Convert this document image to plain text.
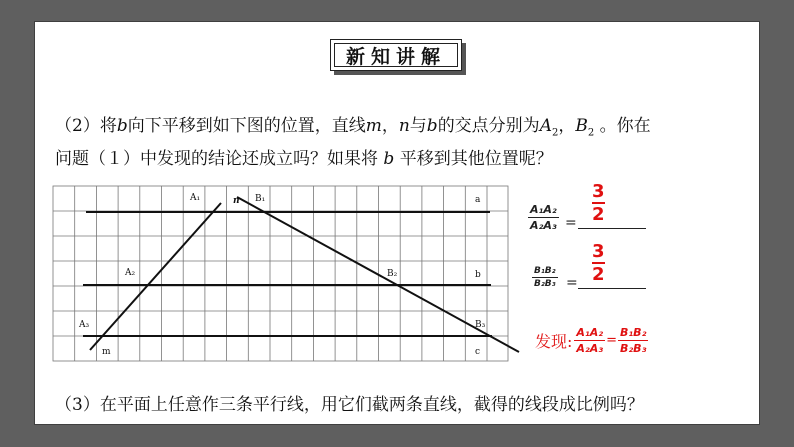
新知讲解
（2）将b向下平移到如下图的位置，直线m，n与b的交点分别为$A_2$，$B_2$ 。你在
问题（１）中发现的结论还成立吗？如果将 b 平移到其他位置呢？
A₁	n B₁	a
A₂	B₂	b
A₃	B₃
m	c
A₁A₂
A₂A₃ =
3
2
B₁B₂
B₂B₃ =
3
2
发现: $\frac{\text{A₁A₂}}{\text{A₂A₃}} = \frac{\text{B₁B₂}}{\text{B₂B₃}}$
（3）在平面上任意作三条平行线，用它们截两条直线，截得的线段成比例吗？
